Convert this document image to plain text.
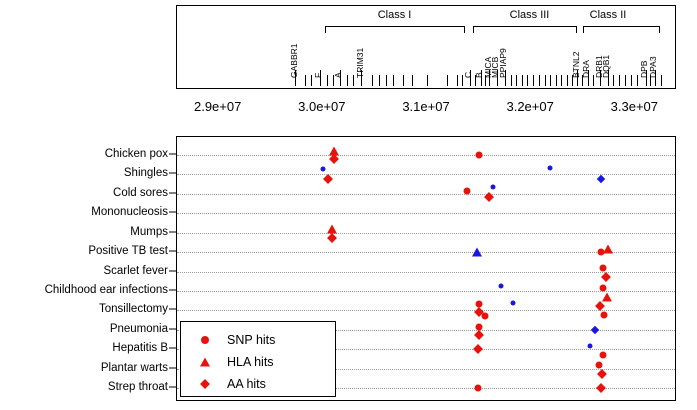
Class I	Class III	Class II
GABBR1 F A TRIM31	C B
MICA
MICB
PPIAP9	BTNL2 DRA DRB1
DQB1	DPB DPA3
2.9e+07	3.0e+07	3.1e+07	3.2e+07	3.3e+07
SNP hits
HLA hits
AA hits
Chicken pox
Shingles
Cold sores
Mononucleosis
Mumps
Positive TB test
Scarlet fever
Childhood ear infections
Tonsillectomy
Pneumonia
Hepatitis B
Plantar warts
Strep throat
